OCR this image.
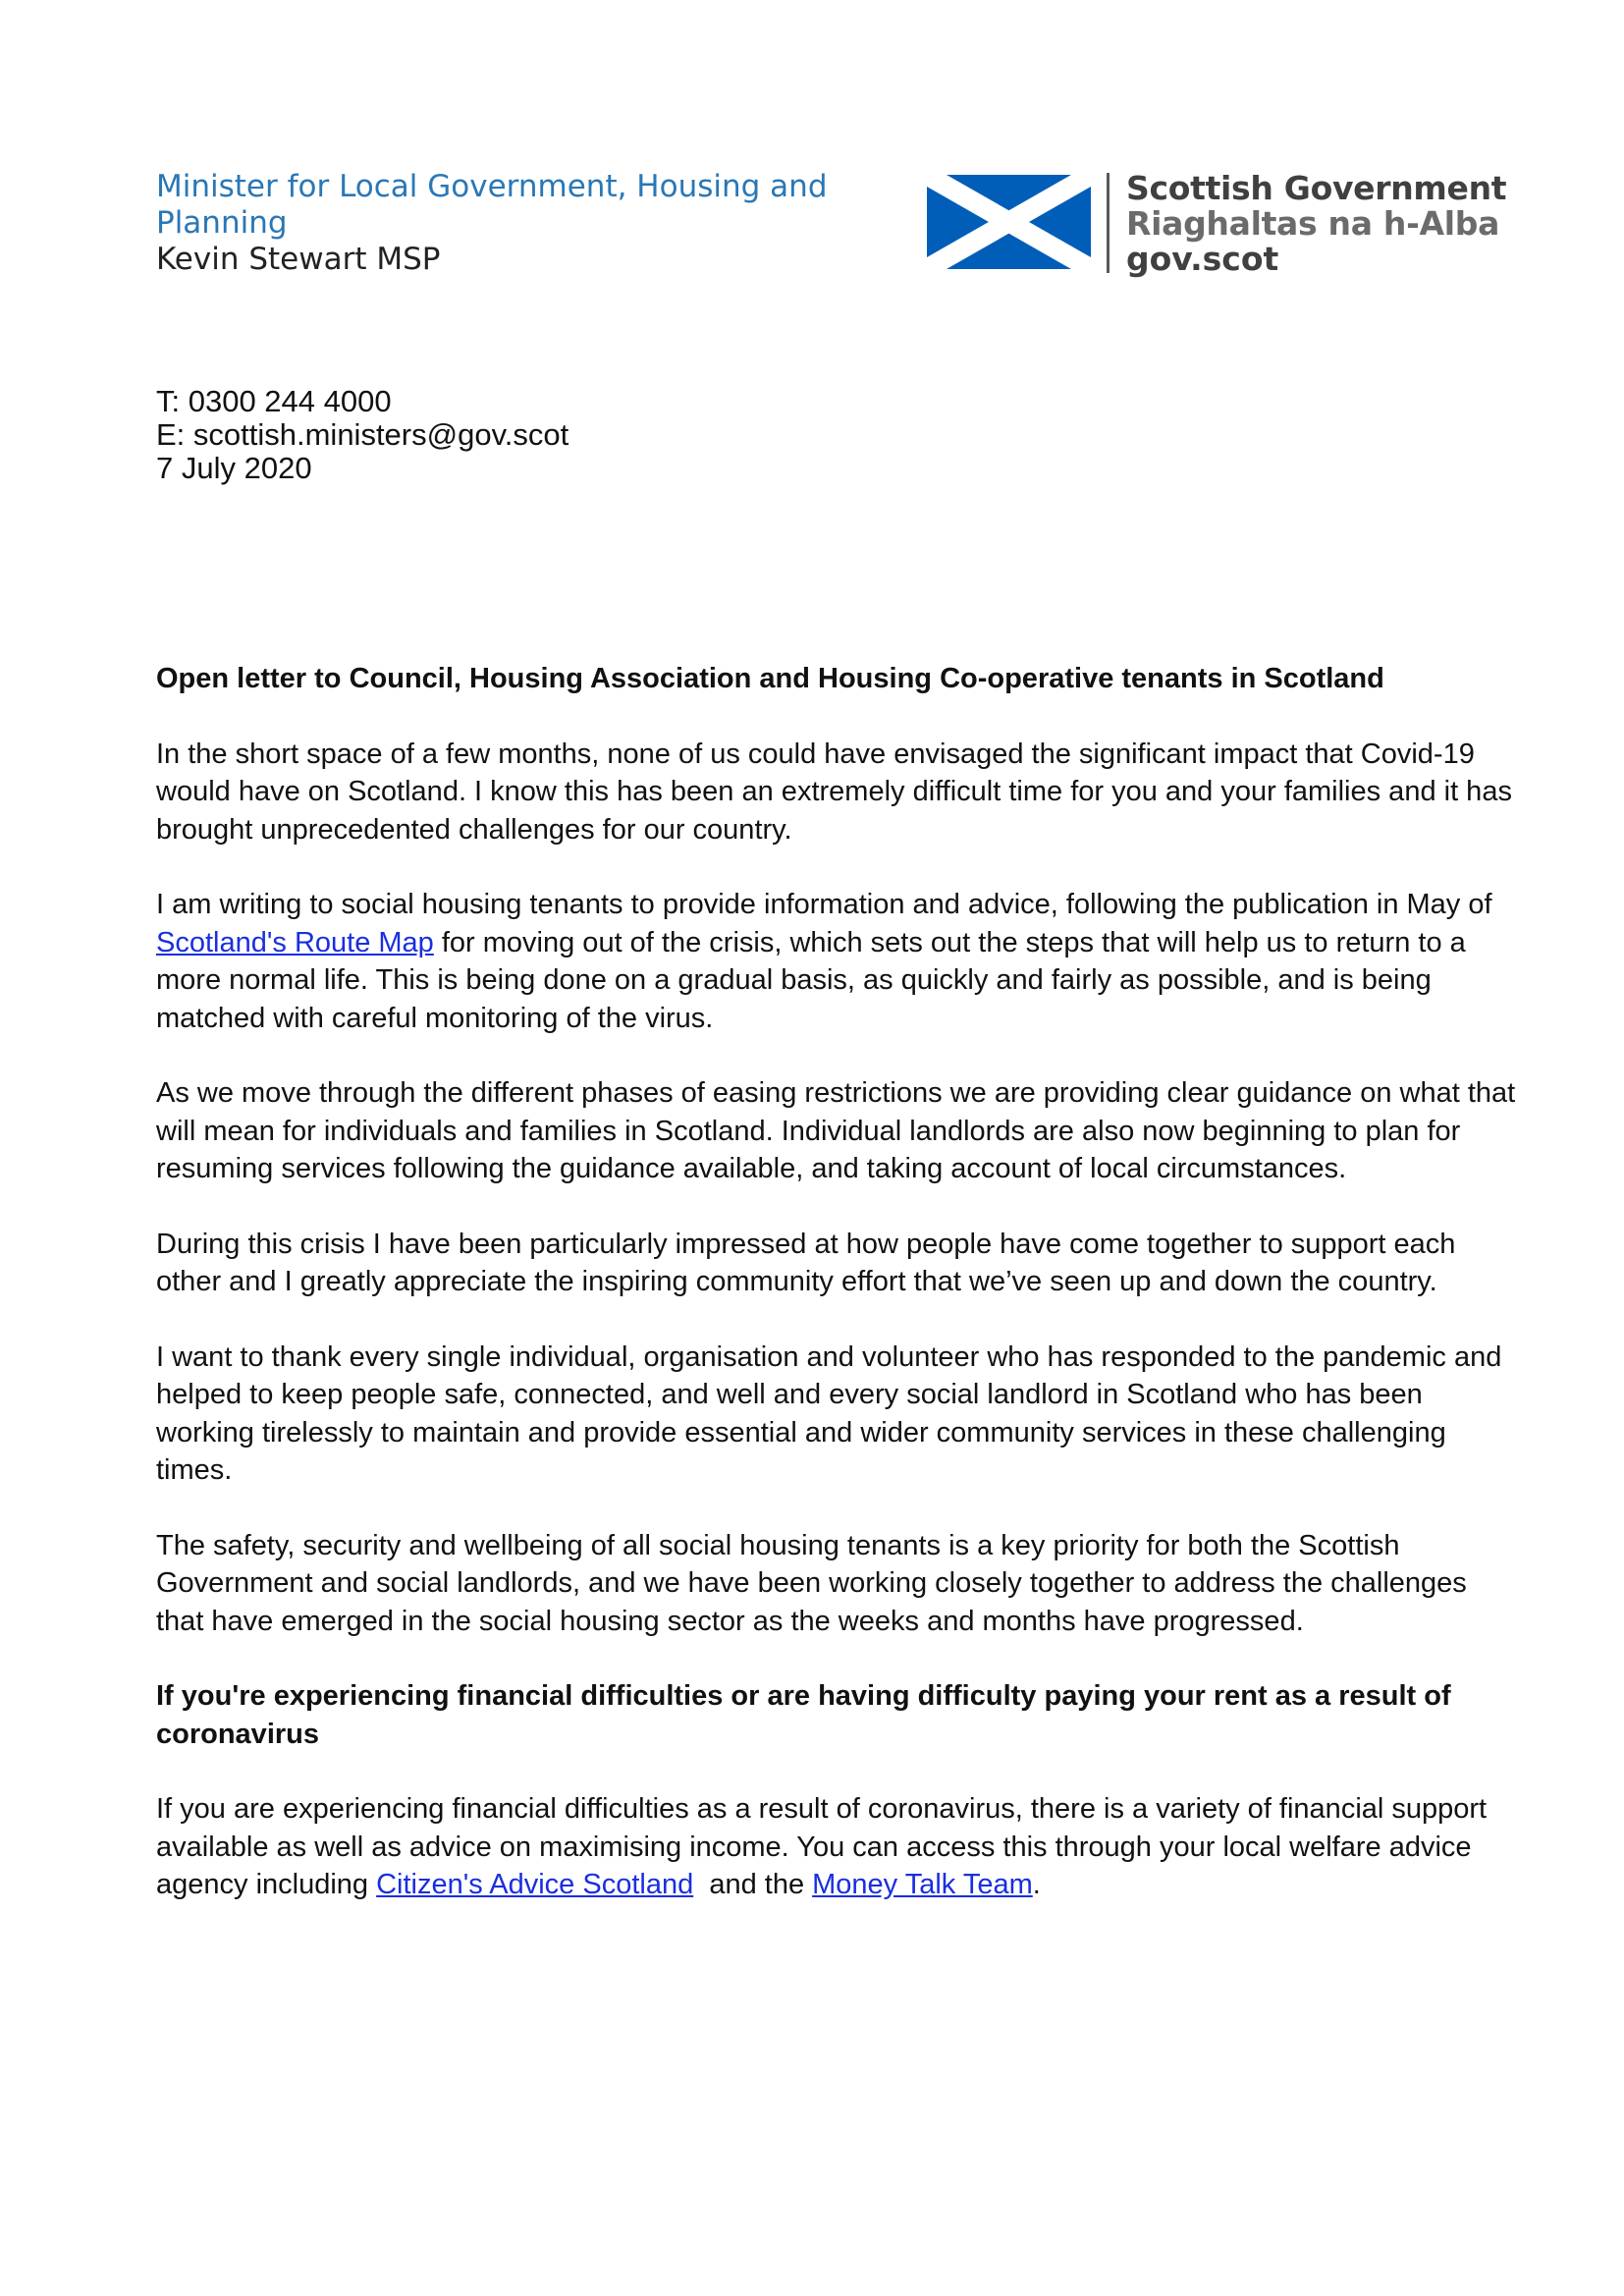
Minister for Local Government, Housing and Planning
Kevin Stewart MSP
Scottish Government
Riaghaltas na h-Alba
gov.scot
T: 0300 244 4000
E: scottish.ministers@gov.scot
7 July 2020
Open letter to Council, Housing Association and Housing Co-operative tenants in Scotland

In the short space of a few months, none of us could have envisaged the significant impact that Covid-19 would have on Scotland. I know this has been an extremely difficult time for you and your families and it has brought unprecedented challenges for our country.

I am writing to social housing tenants to provide information and advice, following the publication in May of Scotland's Route Map for moving out of the crisis, which sets out the steps that will help us to return to a more normal life. This is being done on a gradual basis, as quickly and fairly as possible, and is being matched with careful monitoring of the virus.

As we move through the different phases of easing restrictions we are providing clear guidance on what that will mean for individuals and families in Scotland. Individual landlords are also now beginning to plan for resuming services following the guidance available, and taking account of local circumstances.

During this crisis I have been particularly impressed at how people have come together to support each other and I greatly appreciate the inspiring community effort that we’ve seen up and down the country.

I want to thank every single individual, organisation and volunteer who has responded to the pandemic and helped to keep people safe, connected, and well and every social landlord in Scotland who has been working tirelessly to maintain and provide essential and wider community services in these challenging times.

The safety, security and wellbeing of all social housing tenants is a key priority for both the Scottish Government and social landlords, and we have been working closely together to address the challenges that have emerged in the social housing sector as the weeks and months have progressed.

If you're experiencing financial difficulties or are having difficulty paying your rent as a result of coronavirus

If you are experiencing financial difficulties as a result of coronavirus, there is a variety of financial support available as well as advice on maximising income. You can access this through your local welfare advice agency including Citizen's Advice Scotland  and the Money Talk Team.
